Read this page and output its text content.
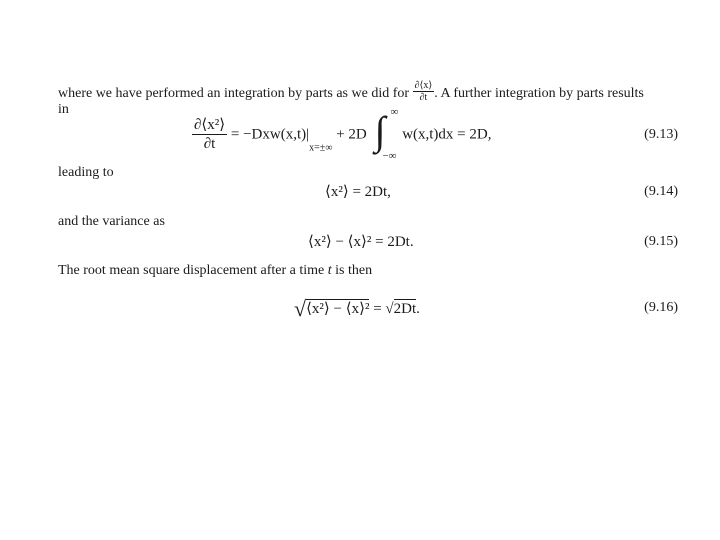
where we have performed an integration by parts as we did for $\frac{\partial⟨x⟩}{\partial t}$ . A further integration by parts results
in
$\frac{\text{∂⟨x²⟩}}{\partial t} = -Dxw(x,t)|_{x=\pm\infty} + 2D$ ∫ ∞
−∞
w(x,t)dx = 2D,	(9.13)
leading to
⟨x²⟩ = 2Dt,	(9.14)
and the variance as
⟨x²⟩ − ⟨x⟩² = 2Dt.	(9.15)
The root mean square displacement after a time t is then
√⟨x²⟩ − ⟨x⟩² = √2Dt.	(9.16)
